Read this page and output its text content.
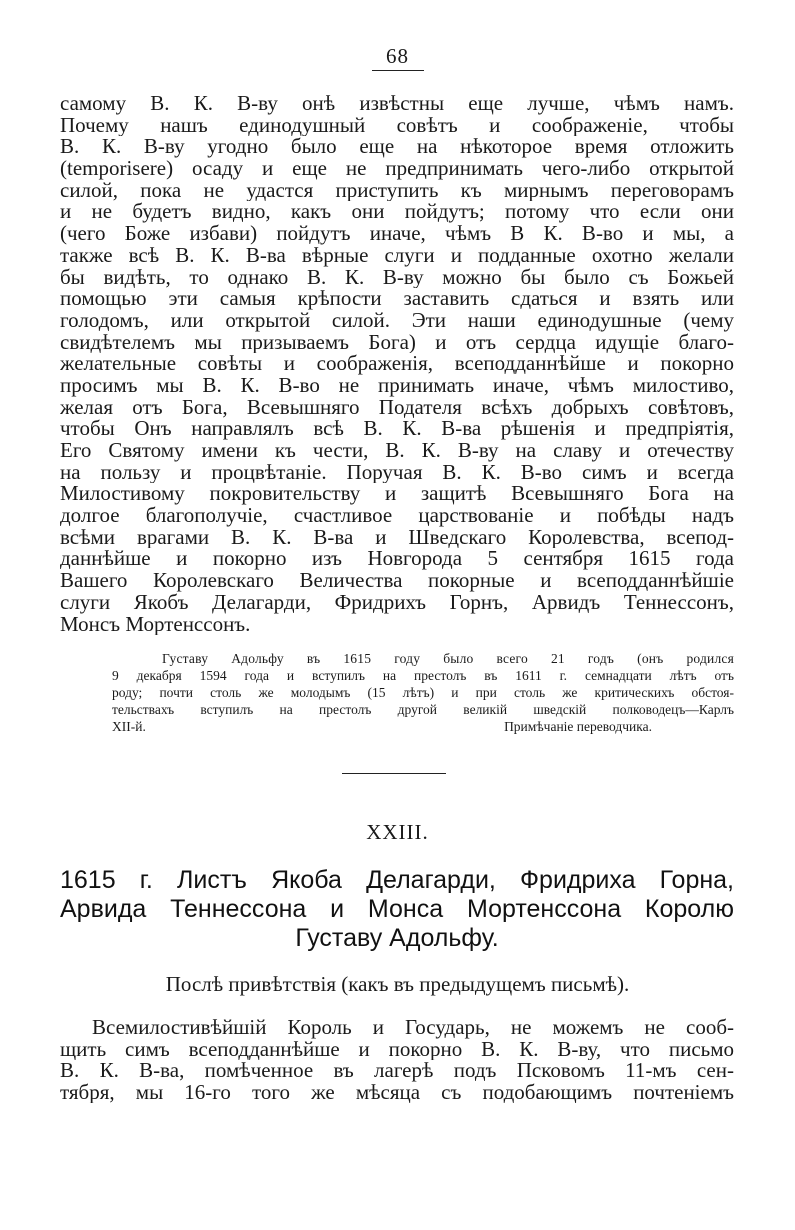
68
самому В. К. В-ву онѣ извѣстны еще лучше, чѣмъ намъ.
Почему нашъ единодушный совѣтъ и соображеніе, чтобы
В. К. В-ву угодно было еще на нѣкоторое время отложить
(temporisere) осаду и еще не предпринимать чего-либо открытой
силой, пока не удастся приступить къ мирнымъ переговорамъ
и не будетъ видно, какъ они пойдутъ; потому что если они
(чего Боже избави) пойдутъ иначе, чѣмъ В К. В-во и мы, а
также всѣ В. К. В-ва вѣрные слуги и подданные охотно желали
бы видѣть, то однако В. К. В-ву можно бы было съ Божьей
помощью эти самыя крѣпости заставить сдаться и взять или
голодомъ, или открытой силой. Эти наши единодушные (чему
свидѣтелемъ мы призываемъ Бога) и отъ сердца идущіе благо-
желательные совѣты и соображенія, всеподданнѣйше и покорно
просимъ мы В. К. В-во не принимать иначе, чѣмъ милостиво,
желая отъ Бога, Всевышняго Подателя всѣхъ добрыхъ совѣтовъ,
чтобы Онъ направлялъ всѣ В. К. В-ва рѣшенія и предпріятія,
Его Святому имени къ чести, В. К. В-ву на славу и отечеству
на пользу и процвѣтаніе. Поручая В. К. В-во симъ и всегда
Милостивому покровительству и защитѣ Всевышняго Бога на
долгое благополучіе, счастливое царствованіе и побѣды надъ
всѣми врагами В. К. В-ва и Шведскаго Королевства, всепод-
даннѣйше и покорно изъ Новгорода 5 сентября 1615 года
Вашего Королевскаго Величества покорные и всеподданнѣйшіе
слуги Якобъ Делагарди, Фридрихъ Горнъ, Арвидъ Теннессонъ,
Монсъ Мортенссонъ.
Густаву Адольфу въ 1615 году было всего 21 годъ (онъ родился
9 декабря 1594 года и вступилъ на престолъ въ 1611 г. семнадцати лѣтъ отъ
роду; почти столь же молодымъ (15 лѣтъ) и при столь же критическихъ обстоя-
тельствахъ вступилъ на престолъ другой великій шведскій полководецъ—Карлъ
XII-й.	Примѣчаніе переводчика.
XXIII.
1615 г. Листъ Якоба Делагарди, Фридриха Горна,
Арвида Теннессона и Монса Мортенссона Королю
Густаву Адольфу.
Послѣ привѣтствія (какъ въ предыдущемъ письмѣ).
Всемилостивѣйшій Король и Государь, не можемъ не сооб-
щить симъ всеподданнѣйше и покорно В. К. В-ву, что письмо
В. К. В-ва, помѣченное въ лагерѣ подъ Псковомъ 11-мъ сен-
тября, мы 16-го того же мѣсяца съ подобающимъ почтеніемъ
